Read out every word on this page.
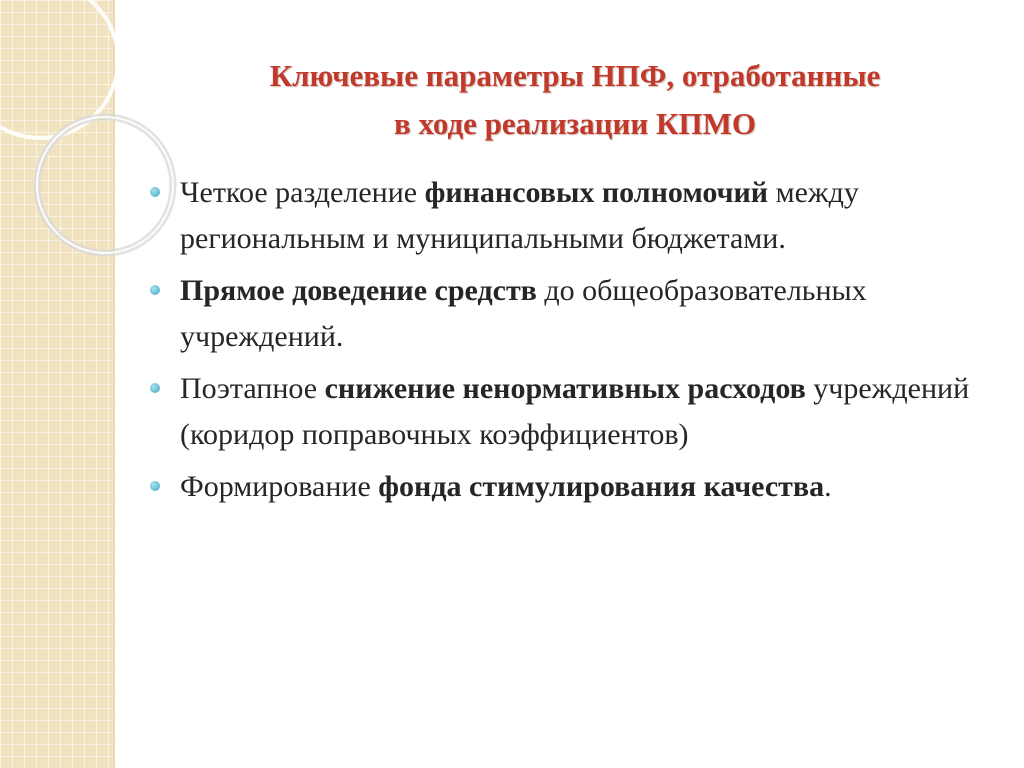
Ключевые параметры НПФ, отработанные
в ходе реализации КПМО
Четкое разделение финансовых полномочий между региональным и муниципальными бюджетами.
Прямое доведение средств до общеобразовательных учреждений.
Поэтапное снижение ненормативных расходов учреждений (коридор поправочных коэффициентов)
Формирование фонда стимулирования качества.
